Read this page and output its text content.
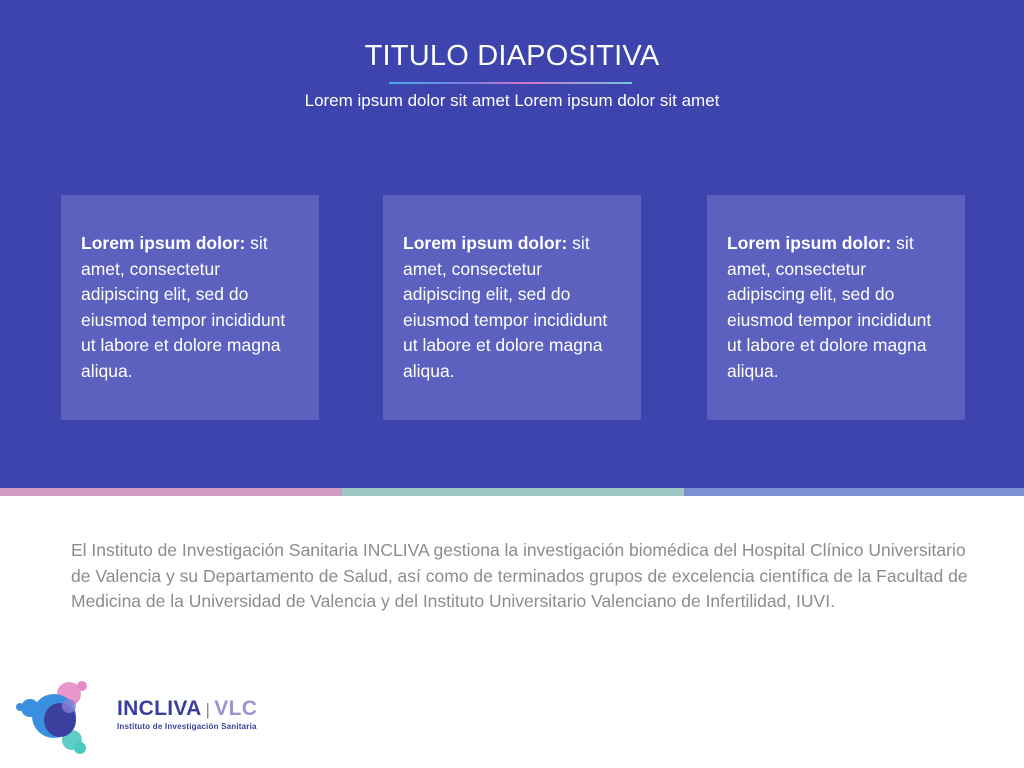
TITULO DIAPOSITIVA
Lorem ipsum dolor sit amet Lorem ipsum dolor sit amet
Lorem ipsum dolor: sit amet, consectetur adipiscing elit, sed do eiusmod tempor incididunt ut labore et dolore magna aliqua.
Lorem ipsum dolor: sit amet, consectetur adipiscing elit, sed do eiusmod tempor incididunt ut labore et dolore magna aliqua.
Lorem ipsum dolor: sit amet, consectetur adipiscing elit, sed do eiusmod tempor incididunt ut labore et dolore magna aliqua.
El Instituto de Investigación Sanitaria INCLIVA gestiona la investigación biomédica del Hospital Clínico Universitario de Valencia y su Departamento de Salud, así como de terminados grupos de excelencia científica de la Facultad de Medicina de la Universidad de Valencia y del Instituto Universitario Valenciano de Infertilidad, IUVI.
INCLIVA | VLC
Instituto de Investigación Sanitaria
